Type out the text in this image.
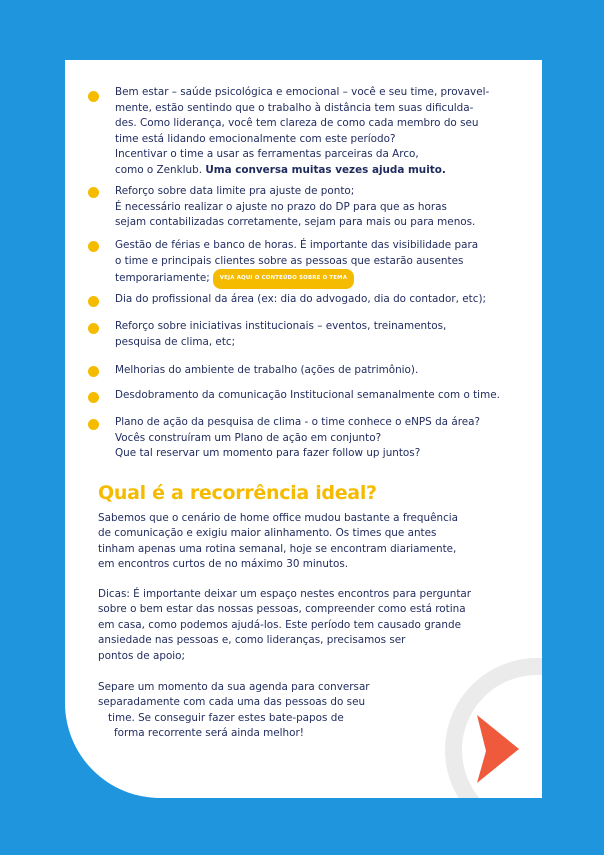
Bem estar – saúde psicológica e emocional – você e seu time, provavel-
mente, estão sentindo que o trabalho à distância tem suas dificulda-
des. Como liderança, você tem clareza de como cada membro do seu
time está lidando emocionalmente com este período?
Incentivar o time a usar as ferramentas parceiras da Arco,
como o Zenklub. Uma conversa muitas vezes ajuda muito.
Reforço sobre data limite pra ajuste de ponto;
É necessário realizar o ajuste no prazo do DP para que as horas
sejam contabilizadas corretamente, sejam para mais ou para menos.
Gestão de férias e banco de horas. É importante das visibilidade para
o time e principais clientes sobre as pessoas que estarão ausentes
temporariamente; VEJA AQUI O CONTEÚDO SOBRE O TEMA
Dia do profissional da área (ex: dia do advogado, dia do contador, etc);
Reforço sobre iniciativas institucionais – eventos, treinamentos,
pesquisa de clima, etc;
Melhorias do ambiente de trabalho (ações de patrimônio).
Desdobramento da comunicação Institucional semanalmente com o time.
Plano de ação da pesquisa de clima - o time conhece o eNPS da área?
Vocês construíram um Plano de ação em conjunto?
Que tal reservar um momento para fazer follow up juntos?
Qual é a recorrência ideal?
Sabemos que o cenário de home office mudou bastante a frequência
de comunicação e exigiu maior alinhamento. Os times que antes
tinham apenas uma rotina semanal, hoje se encontram diariamente,
em encontros curtos de no máximo 30 minutos.
Dicas: É importante deixar um espaço nestes encontros para perguntar
sobre o bem estar das nossas pessoas, compreender como está rotina
em casa, como podemos ajudá-los. Este período tem causado grande
ansiedade nas pessoas e, como lideranças, precisamos ser
pontos de apoio;
Separe um momento da sua agenda para conversar
separadamente com cada uma das pessoas do seu
time. Se conseguir fazer estes bate-papos de
forma recorrente será ainda melhor!
